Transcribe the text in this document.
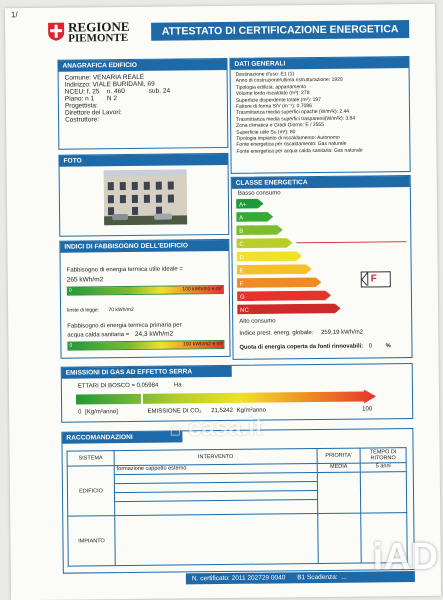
1/
REGIONE
PIEMONTE
ATTESTATO DI CERTIFICAZIONE ENERGETICA
ANAGRAFICA EDIFICIO
Comune: VENARIA REALE
Indirizzo: VIALE BURIDANI, 69
NCEU: f. 25	n. 460	sub. 24
Piano: n 1	N 2
Progettista:
Direttore dei Lavori:
Costruttore:
DATI GENERALI
Destinazione d'uso: E1 (1)
Anno di costruzione/ultima ristrutturazione: 1920
Tipologia edilizia: appartamento
Volume lordo riscaldato (m³): 278
Superficie disperdente totale (m²): 197
Fattore di forma S/V (m⁻¹): 0.7086
Trasmittanza media superfici opache (W/m²k): 2.44
Trasmittanza media superfici trasparenti(W/m²k): 3.84
Zona climatica e Gradi Giorno: E / 2555
Superficie utile Su (m²): 80
Tipologia impianto di riscaldamento: Autonomo
Fonte energetica per riscaldamento: Gas naturale
Fonte energetica per acqua calda sanitaria: Gas naturale
FOTO
CLASSE ENERGETICA
Basso consumo
A+
A
B
C
D
E
F
G
NC
F
Alto consumo
Indice prest. energ. globale: 259,19 kWh/m2
Quota di energia coperta da fonti rinnovabili: 0 %
INDICI DI FABBISOGNO DELL'EDIFICIO
Fabbisogno di energia termica utile ideale =
265 kWh/m2
0	100 kWh/m2 e m³
limite di legge: 70 kWh/m2
Fabbisogno di energia termica primaria per
acqua calda sanitaria = 24,3 kWh/m2
0	100 kWh/m2 e m³
EMISSIONI DI GAS AD EFFETTO SERRA
ETTARI DI BOSCO = 0,05984	Ha
0 [Kg/m²anno]	EMISSIONE DI CO₂ 21,5242 Kg/m²anno	100
RACCOMANDAZIONI
SISTEMA	INTERVENTO	PRIORITA'	TEMPO DI RITORNO
EDIFICIO	formazione cappotto esterno	MEDIA	5 anni

IMPIANTO			
N. certificato: 2011 202729 0040 B1 Scadenza: ...
⌂ casa.it
iAD
